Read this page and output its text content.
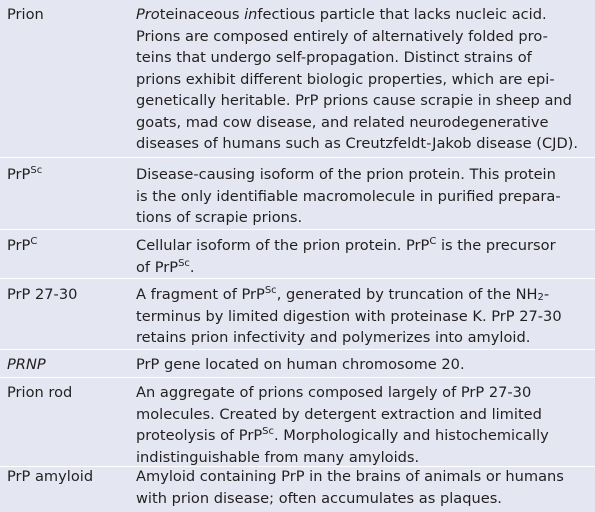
Prion	Proteinaceous infectious particle that lacks nucleic acid.
Prions are composed entirely of alternatively folded pro-
teins that undergo self-propagation. Distinct strains of
prions exhibit different biologic properties, which are epi-
genetically heritable. PrP prions cause scrapie in sheep and
goats, mad cow disease, and related neurodegenerative
diseases of humans such as Creutzfeldt-Jakob disease (CJD).
PrP$^{Sc}$	Disease-causing isoform of the prion protein. This protein
is the only identifiable macromolecule in purified prepara-
tions of scrapie prions.
PrP$^C$	Cellular isoform of the prion protein. PrP$^C$ is the precursor
of PrP$^{Sc}$.
PrP 27-30	A fragment of PrP$^{Sc}$, generated by truncation of the $NH_2-$
terminus by limited digestion with proteinase K. PrP 27-30
retains prion infectivity and polymerizes into amyloid.
PRNP	PrP gene located on human chromosome 20.
Prion rod	An aggregate of prions composed largely of PrP 27-30
molecules. Created by detergent extraction and limited
proteolysis of PrP$^{Sc}$. Morphologically and histochemically
indistinguishable from many amyloids.
PrP amyloid	Amyloid containing PrP in the brains of animals or humans
with prion disease; often accumulates as plaques.
